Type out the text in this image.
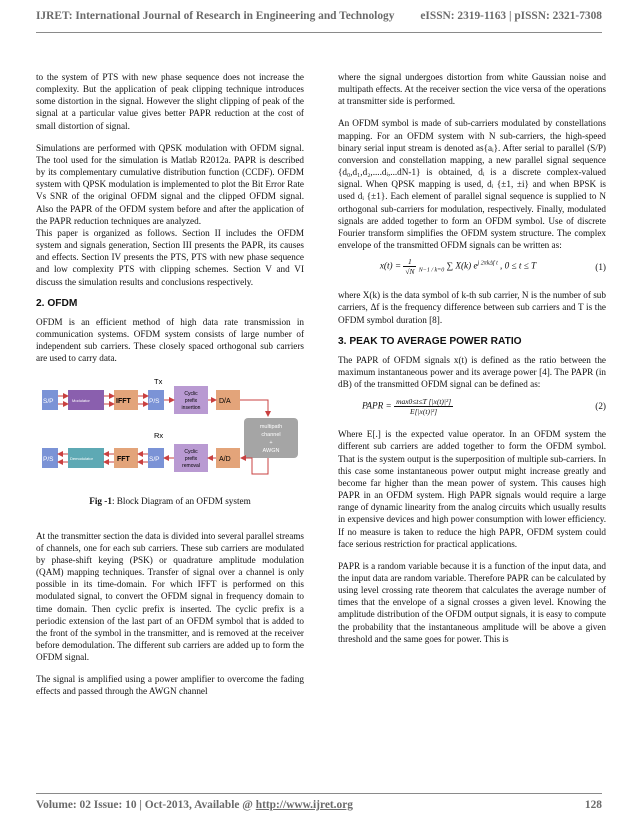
IJRET: International Journal of Research in Engineering and Technology eISSN: 2319-1163 | pISSN: 2321-7308

to the system of PTS with new phase sequence does not increase the complexity. But the application of peak clipping technique introduces some distortion in the signal. However the slight clipping of peak of the signal at a particular value gives better PAPR reduction at the cost of small distortion of signal.

Simulations are performed with QPSK modulation with OFDM signal. The tool used for the simulation is Matlab R2012a. PAPR is described by its complementary cumulative distribution function (CCDF). OFDM system with QPSK modulation is implemented to plot the Bit Error Rate Vs SNR of the original OFDM signal and the clipped OFDM signal. Also the PAPR of the OFDM system before and after the application of the PAPR reduction techniques are analyzed.

This paper is organized as follows. Section II includes the OFDM system and signals generation, Section III presents the PAPR, its causes and effects. Section IV presents the PTS, PTS with new phase sequence and low complexity PTS with clipping schemes. Section V and VI discuss the simulation results and conclusions respectively.

2. OFDM

OFDM is an efficient method of high data rate transmission in communication systems. OFDM system consists of large number of independent sub carriers. These closely spaced orthogonal sub carriers are used to carry data.

Tx
S/P	Modulator	IFFT	P/S
Cyclic
prefix
insertion
D/A
multipath
channel
+
AWGN
Rx
P/S	Demodulator	FFT	S/P
Cyclic
prefix
removal
A/D
Fig -1: Block Diagram of an OFDM system

At the transmitter section the data is divided into several parallel streams of channels, one for each sub carriers. These sub carriers are modulated by phase-shift keying (PSK) or quadrature amplitude modulation (QAM) mapping techniques. Transfer of signal over a channel is only possible in its time-domain. For which IFFT is performed on this modulated signal, to convert the OFDM signal in frequency domain to time domain. Then cyclic prefix is inserted. The cyclic prefix is a periodic extension of the last part of an OFDM symbol that is added to the front of the symbol in the transmitter, and is removed at the receiver before demodulation. The different sub carriers are added up to form the OFDM signal.

The signal is amplified using a power amplifier to overcome the fading effects and passed through the AWGN channel

where the signal undergoes distortion from white Gaussian noise and multipath effects. At the receiver section the vice versa of the operations at transmitter side is performed.

An OFDM symbol is made of sub-carriers modulated by constellations mapping. For an OFDM system with N sub-carriers, the high-speed binary serial input stream is denoted as{aᵢ}. After serial to parallel (S/P) conversion and constellation mapping, a new parallel signal sequence {d₀,d₁,d₂,....dᵢ,...dN-1} is obtained, dᵢ is a discrete complex-valued signal. When QPSK mapping is used, dᵢ {±1, ±i} and when BPSK is used dᵢ {±1}. Each element of parallel signal sequence is supplied to N orthogonal sub-carriers for modulation, respectively. Finally, modulated signals are added together to form an OFDM symbol. Use of discrete Fourier transform simplifies the OFDM system structure. The complex envelope of the transmitted OFDM signals can be written as:

$x(t) = \frac{1}{√N} _{N-1 / k=0}$ ∑ X(k) $e^{j 2\pi k\Delta f t}$ , 0 ≤ t ≤ T	(1)

where X(k) is the data symbol of k-th sub carrier, N is the number of sub carriers, Δf is the frequency difference between sub carriers and T is the OFDM symbol duration [8].

3. PEAK TO AVERAGE POWER RATIO

The PAPR of OFDM signals x(t) is defined as the ratio between the maximum instantaneous power and its average power [4]. The PAPR (in dB) of the transmitted OFDM signal can be defined as:

PAPR = $\frac{\text{max0≤t≤T [|x(t)|²]}}{\text{E[|x(t)|²]}}$	(2)

Where E[.] is the expected value operator. In an OFDM system the different sub carriers are added together to form the OFDM symbol. That is the system output is the superposition of multiple sub-carriers. In this case some instantaneous power output might increase greatly and become far higher than the mean power of system. This causes high PAPR in an OFDM system. High PAPR signals would require a large range of dynamic linearity from the analog circuits which usually results in expensive devices and high power consumption with lower efficiency. If no measure is taken to reduce the high PAPR, OFDM system could face serious restriction for practical applications.

PAPR is a random variable because it is a function of the input data, and the input data are random variable. Therefore PAPR can be calculated by using level crossing rate theorem that calculates the average number of times that the envelope of a signal crosses a given level. Knowing the amplitude distribution of the OFDM output signals, it is easy to compute the probability that the instantaneous amplitude will be above a given threshold and the same goes for power. This is

Volume: 02 Issue: 10 | Oct-2013, Available @ http://www.ijret.org	128
